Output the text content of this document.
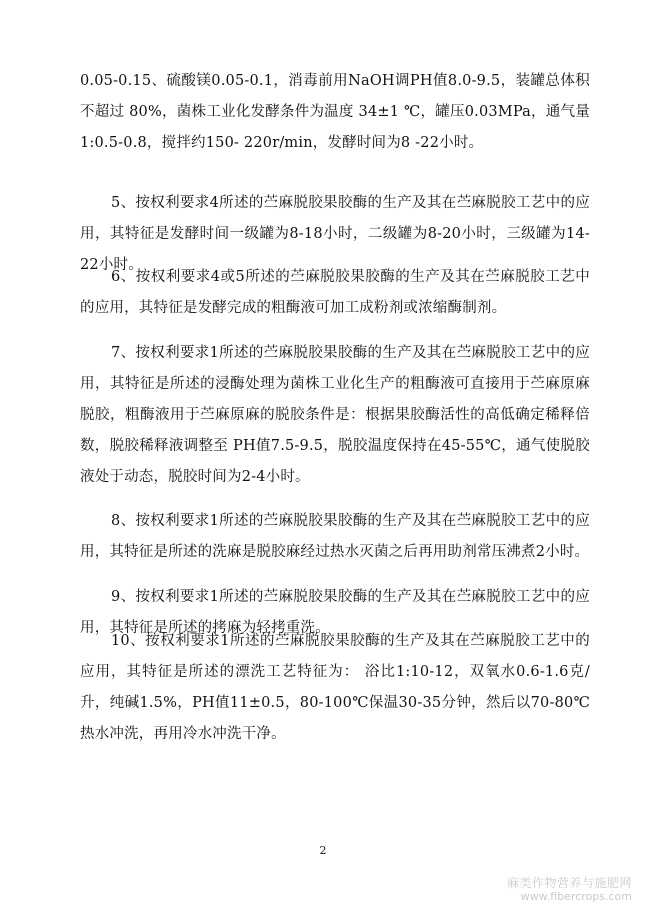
0.05-0.15、硫酸镁0.05-0.1，消毒前用NaOH调PH值8.0-9.5，装罐总体积不超过 80%，菌株工业化发酵条件为温度 34±1 ℃，罐压0.03MPa，通气量1:0.5-0.8，搅拌约150- 220r/min，发酵时间为8 -22小时。
5、按权利要求4所述的苎麻脱胶果胶酶的生产及其在苎麻脱胶工艺中的应用，其特征是发酵时间一级罐为8-18小时，二级罐为8-20小时，三级罐为14-22小时。
6、按权利要求4或5所述的苎麻脱胶果胶酶的生产及其在苎麻脱胶工艺中的应用，其特征是发酵完成的粗酶液可加工成粉剂或浓缩酶制剂。
7、按权利要求1所述的苎麻脱胶果胶酶的生产及其在苎麻脱胶工艺中的应用，其特征是所述的浸酶处理为菌株工业化生产的粗酶液可直接用于苎麻原麻脱胶，粗酶液用于苎麻原麻的脱胶条件是：根据果胶酶活性的高低确定稀释倍数，脱胶稀释液调整至 PH值7.5-9.5，脱胶温度保持在45-55℃，通气使脱胶液处于动态，脱胶时间为2-4小时。
8、按权利要求1所述的苎麻脱胶果胶酶的生产及其在苎麻脱胶工艺中的应用，其特征是所述的洗麻是脱胶麻经过热水灭菌之后再用助剂常压沸煮2小时。
9、按权利要求1所述的苎麻脱胶果胶酶的生产及其在苎麻脱胶工艺中的应用，其特征是所述的拷麻为轻拷重洗。
10、按权利要求1所述的苎麻脱胶果胶酶的生产及其在苎麻脱胶工艺中的应用，其特征是所述的漂洗工艺特征为： 浴比1:10-12，双氧水0.6-1.6克/升，纯碱1.5%，PH值11±0.5，80-100℃保温30-35分钟，然后以70-80℃热水冲洗，再用冷水冲洗干净。
2
麻类作物营养与施肥网
www.fibercrops.com
